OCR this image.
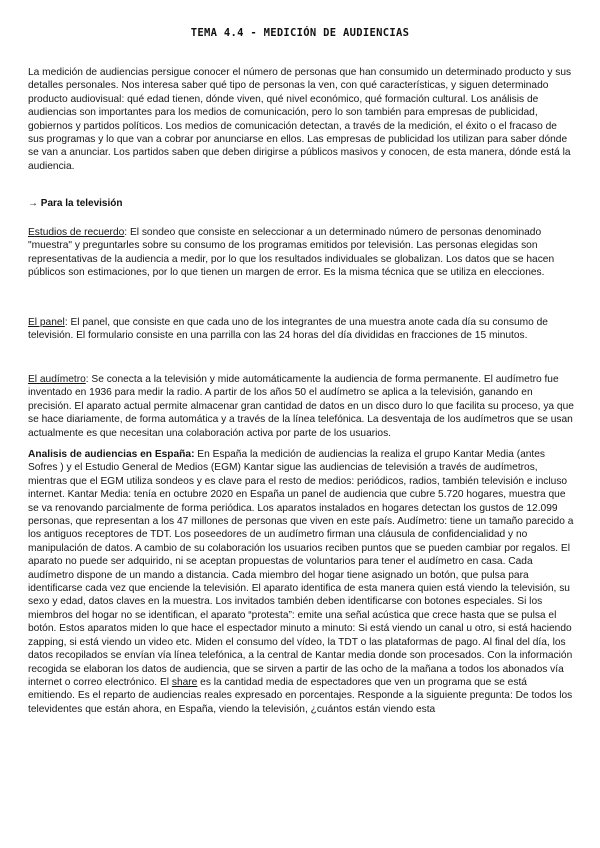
TEMA 4.4 - MEDICIÓN DE AUDIENCIAS

La medición de audiencias persigue conocer el número de personas que han consumido un determinado producto y sus detalles personales. Nos interesa saber qué tipo de personas la ven, con qué características, y siguen determinado producto audiovisual: qué edad tienen, dónde viven, qué nivel económico, qué formación cultural. Los análisis de audiencias son importantes para los medios de comunicación, pero lo son también para empresas de publicidad, gobiernos y partidos políticos. Los medios de comunicación detectan, a través de la medición, el éxito o el fracaso de sus programas y lo que van a cobrar por anunciarse en ellos. Las empresas de publicidad los utilizan para saber dónde se van a anunciar. Los partidos saben que deben dirigirse a públicos masivos y conocen, de esta manera, dónde está la audiencia.

→ Para la televisión

Estudios de recuerdo: El sondeo que consiste en seleccionar a un determinado número de personas denominado "muestra" y preguntarles sobre su consumo de los programas emitidos por televisión. Las personas elegidas son representativas de la audiencia a medir, por lo que los resultados individuales se globalizan. Los datos que se hacen públicos son estimaciones, por lo que tienen un margen de error. Es la misma técnica que se utiliza en elecciones.

El panel: El panel, que consiste en que cada uno de los integrantes de una muestra anote cada día su consumo de televisión. El formulario consiste en una parrilla con las 24 horas del día divididas en fracciones de 15 minutos.

El audímetro: Se conecta a la televisión y mide automáticamente la audiencia de forma permanente. El audímetro fue inventado en 1936 para medir la radio. A partir de los años 50 el audímetro se aplica a la televisión, ganando en precisión. El aparato actual permite almacenar gran cantidad de datos en un disco duro lo que facilita su proceso, ya que se hace diariamente, de forma automática y a través de la línea telefónica. La desventaja de los audímetros que se usan actualmente es que necesitan una colaboración activa por parte de los usuarios.

Analisis de audiencias en España: En España la medición de audiencias la realiza el grupo Kantar Media (antes Sofres ) y el Estudio General de Medios (EGM) Kantar sigue las audiencias de televisión a través de audímetros, mientras que el EGM utiliza sondeos y es clave para el resto de medios: periódicos, radios, también televisión e incluso internet. Kantar Media: tenía en octubre 2020 en España un panel de audiencia que cubre 5.720 hogares, muestra que se va renovando parcialmente de forma periódica. Los aparatos instalados en hogares detectan los gustos de 12.099 personas, que representan a los 47 millones de personas que viven en este país. Audímetro: tiene un tamaño parecido a los antiguos receptores de TDT. Los poseedores de un audímetro firman una cláusula de confidencialidad y no manipulación de datos. A cambio de su colaboración los usuarios reciben puntos que se pueden cambiar por regalos. El aparato no puede ser adquirido, ni se aceptan propuestas de voluntarios para tener el audímetro en casa. Cada audímetro dispone de un mando a distancia. Cada miembro del hogar tiene asignado un botón, que pulsa para identificarse cada vez que enciende la televisión. El aparato identifica de esta manera quien está viendo la televisión, su sexo y edad, datos claves en la muestra. Los invitados también deben identificarse con botones especiales. Si los miembros del hogar no se identifican, el aparato “protesta”: emite una señal acústica que crece hasta que se pulsa el botón. Estos aparatos miden lo que hace el espectador minuto a minuto: Si está viendo un canal u otro, si está haciendo zapping, si está viendo un video etc. Miden el consumo del vídeo, la TDT o las plataformas de pago. Al final del día, los datos recopilados se envían vía línea telefónica, a la central de Kantar media donde son procesados. Con la información recogida se elaboran los datos de audiencia, que se sirven a partir de las ocho de la mañana a todos los abonados vía internet o correo electrónico. El share es la cantidad media de espectadores que ven un programa que se está emitiendo. Es el reparto de audiencias reales expresado en porcentajes. Responde a la siguiente pregunta: De todos los televidentes que están ahora, en España, viendo la televisión, ¿cuántos están viendo esta
